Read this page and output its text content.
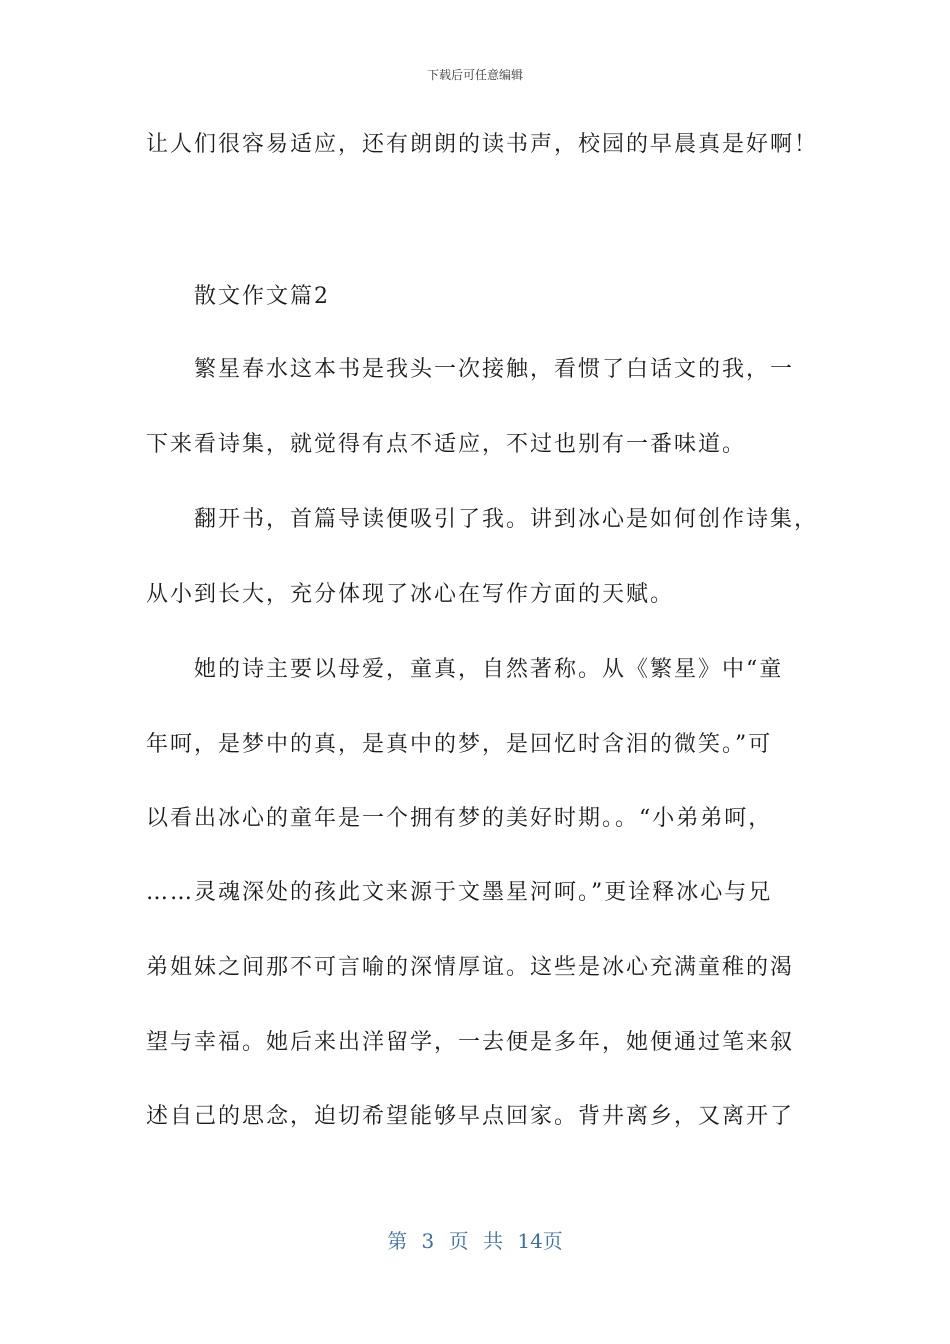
下载后可任意编辑
让人们很容易适应，还有朗朗的读书声，校园的早晨真是好啊！
散文作文篇2
繁星春水这本书是我头一次接触，看惯了白话文的我，一
下来看诗集，就觉得有点不适应，不过也别有一番味道。
翻开书，首篇导读便吸引了我。讲到冰心是如何创作诗集，
从小到长大，充分体现了冰心在写作方面的天赋。
她的诗主要以母爱，童真，自然著称。从《繁星》中“童
年呵，是梦中的真，是真中的梦，是回忆时含泪的微笑。”可
以看出冰心的童年是一个拥有梦的美好时期。。“小弟弟呵，
……灵魂深处的孩此文来源于文墨星河呵。”更诠释冰心与兄
弟姐妹之间那不可言喻的深情厚谊。这些是冰心充满童稚的渴
望与幸福。她后来出洋留学，一去便是多年，她便通过笔来叙
述自己的思念，迫切希望能够早点回家。背井离乡，又离开了
第 3 页 共 14页
